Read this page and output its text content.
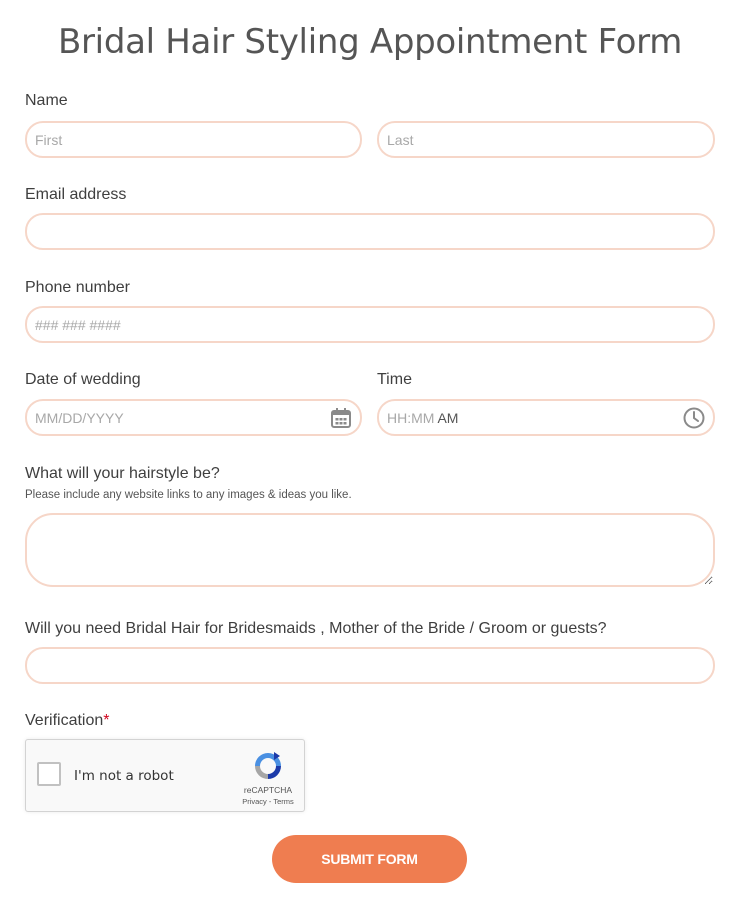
Bridal Hair Styling Appointment Form
Name
First
Last
Email address
Phone number
### ### ####
Date of wedding
MM/DD/YYYY
Time
HH:MM AM
What will your hairstyle be?
Please include any website links to any images & ideas you like.
Will you need Bridal Hair for Bridesmaids , Mother of the Bride / Groom or guests?
Verification*
I'm not a robot
reCAPTCHA
Privacy - Terms
SUBMIT FORM
